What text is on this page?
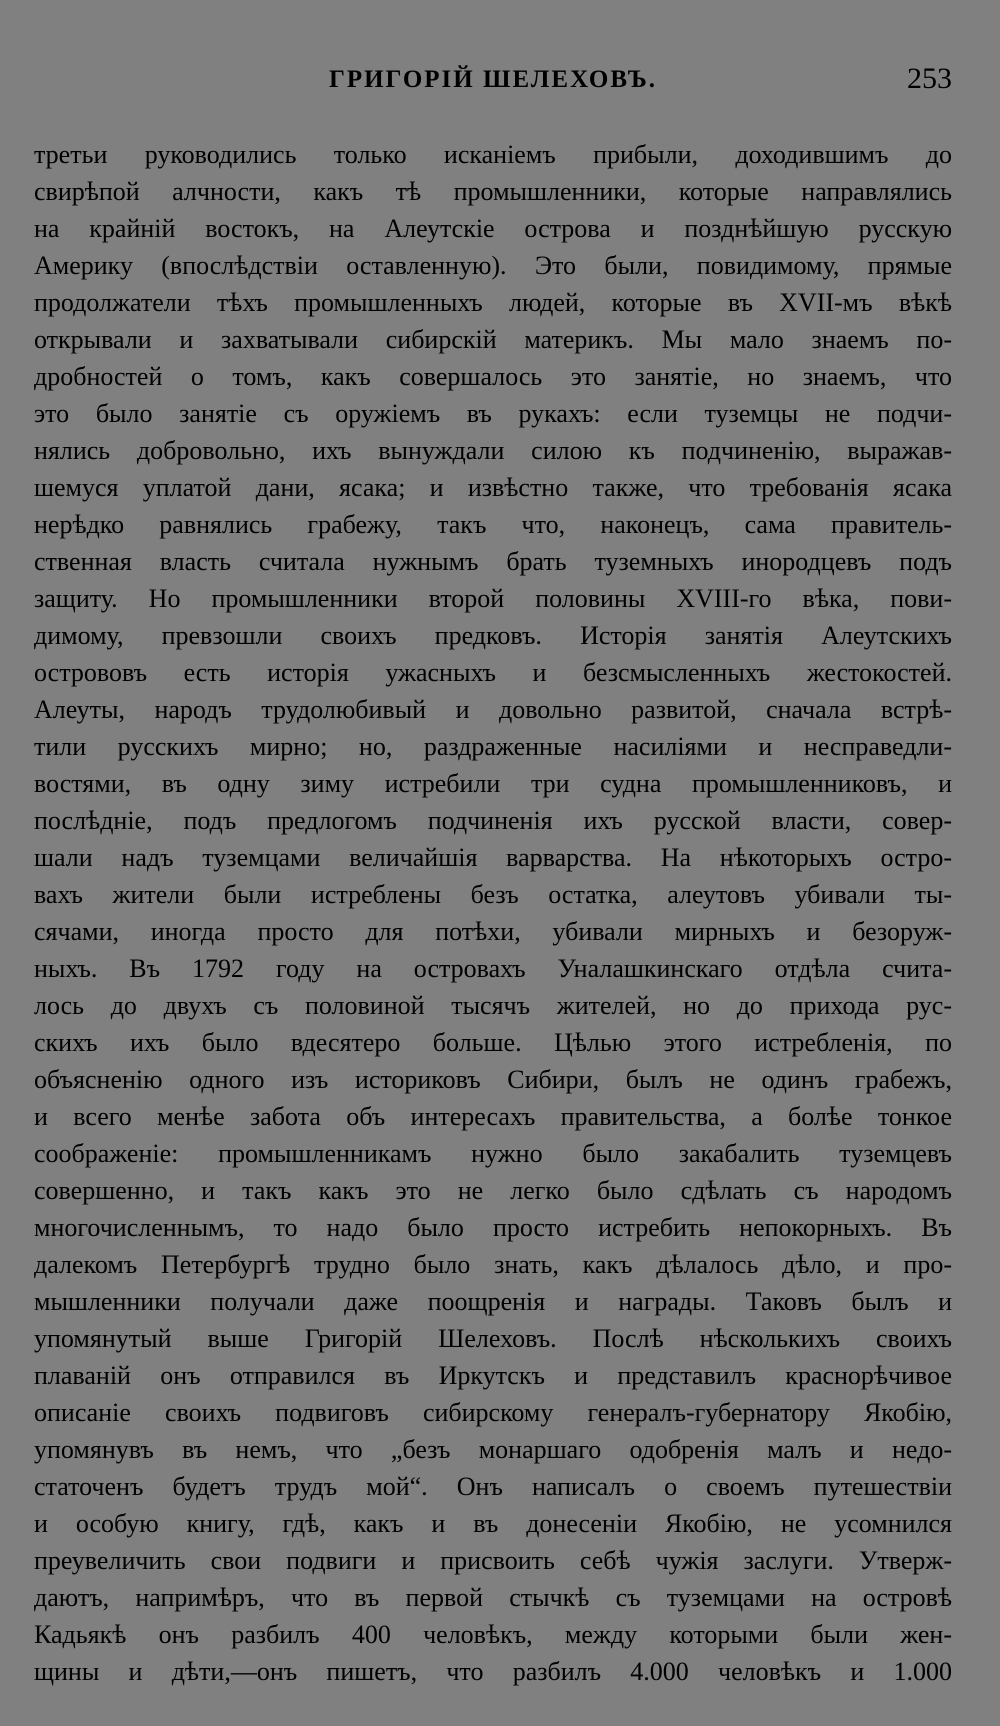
ГРИГОРІЙ ШЕЛЕХОВЪ.	253
третьи руководились только исканіемъ прибыли, доходившимъ до
свирѣпой алчности, какъ тѣ промышленники, которые направлялись
на крайній востокъ, на Алеутскіе острова и позднѣйшую русскую
Америку (впослѣдствіи оставленную). Это были, повидимому, прямые
продолжатели тѣхъ промышленныхъ людей, которые въ XVII-мъ вѣкѣ
открывали и захватывали сибирскій материкъ. Мы мало знаемъ по-
дробностей о томъ, какъ совершалось это занятіе, но знаемъ, что
это было занятіе съ оружіемъ въ рукахъ: если туземцы не подчи-
нялись добровольно, ихъ вынуждали силою къ подчиненію, выражав-
шемуся уплатой дани, ясака; и извѣстно также, что требованія ясака
нерѣдко равнялись грабежу, такъ что, наконецъ, сама правитель-
ственная власть считала нужнымъ брать туземныхъ инородцевъ подъ
защиту. Но промышленники второй половины XVIII-го вѣка, пови-
димому, превзошли своихъ предковъ. Исторія занятія Алеутскихъ
острововъ есть исторія ужасныхъ и безсмысленныхъ жестокостей.
Алеуты, народъ трудолюбивый и довольно развитой, сначала встрѣ-
тили русскихъ мирно; но, раздраженные насиліями и несправедли-
востями, въ одну зиму истребили три судна промышленниковъ, и
послѣдніе, подъ предлогомъ подчиненія ихъ русской власти, совер-
шали надъ туземцами величайшія варварства. На нѣкоторыхъ остро-
вахъ жители были истреблены безъ остатка, алеутовъ убивали ты-
сячами, иногда просто для потѣхи, убивали мирныхъ и безоруж-
ныхъ. Въ 1792 году на островахъ Уналашкинскаго отдѣла счита-
лось до двухъ съ половиной тысячъ жителей, но до прихода рус-
скихъ ихъ было вдесятеро больше. Цѣлью этого истребленія, по
объясненію одного изъ историковъ Сибири, былъ не одинъ грабежъ,
и всего менѣе забота объ интересахъ правительства, а болѣе тонкое
соображеніе: промышленникамъ нужно было закабалить туземцевъ
совершенно, и такъ какъ это не легко было сдѣлать съ народомъ
многочисленнымъ, то надо было просто истребить непокорныхъ. Въ
далекомъ Петербургѣ трудно было знать, какъ дѣлалось дѣло, и про-
мышленники получали даже поощренія и награды. Таковъ былъ и
упомянутый выше Григорій Шелеховъ. Послѣ нѣсколькихъ своихъ
плаваній онъ отправился въ Иркутскъ и представилъ краснорѣчивое
описаніе своихъ подвиговъ сибирскому генералъ-губернатору Якобію,
упомянувъ въ немъ, что „безъ монаршаго одобренія малъ и недо-
статоченъ будетъ трудъ мой“. Онъ написалъ о своемъ путешествіи
и особую книгу, гдѣ, какъ и въ донесеніи Якобію, не усомнился
преувеличить свои подвиги и присвоить себѣ чужія заслуги. Утверж-
даютъ, напримѣръ, что въ первой стычкѣ съ туземцами на островѣ
Кадьякѣ онъ разбилъ 400 человѣкъ, между которыми были жен-
щины и дѣти,—онъ пишетъ, что разбилъ 4.000 человѣкъ и 1.000
